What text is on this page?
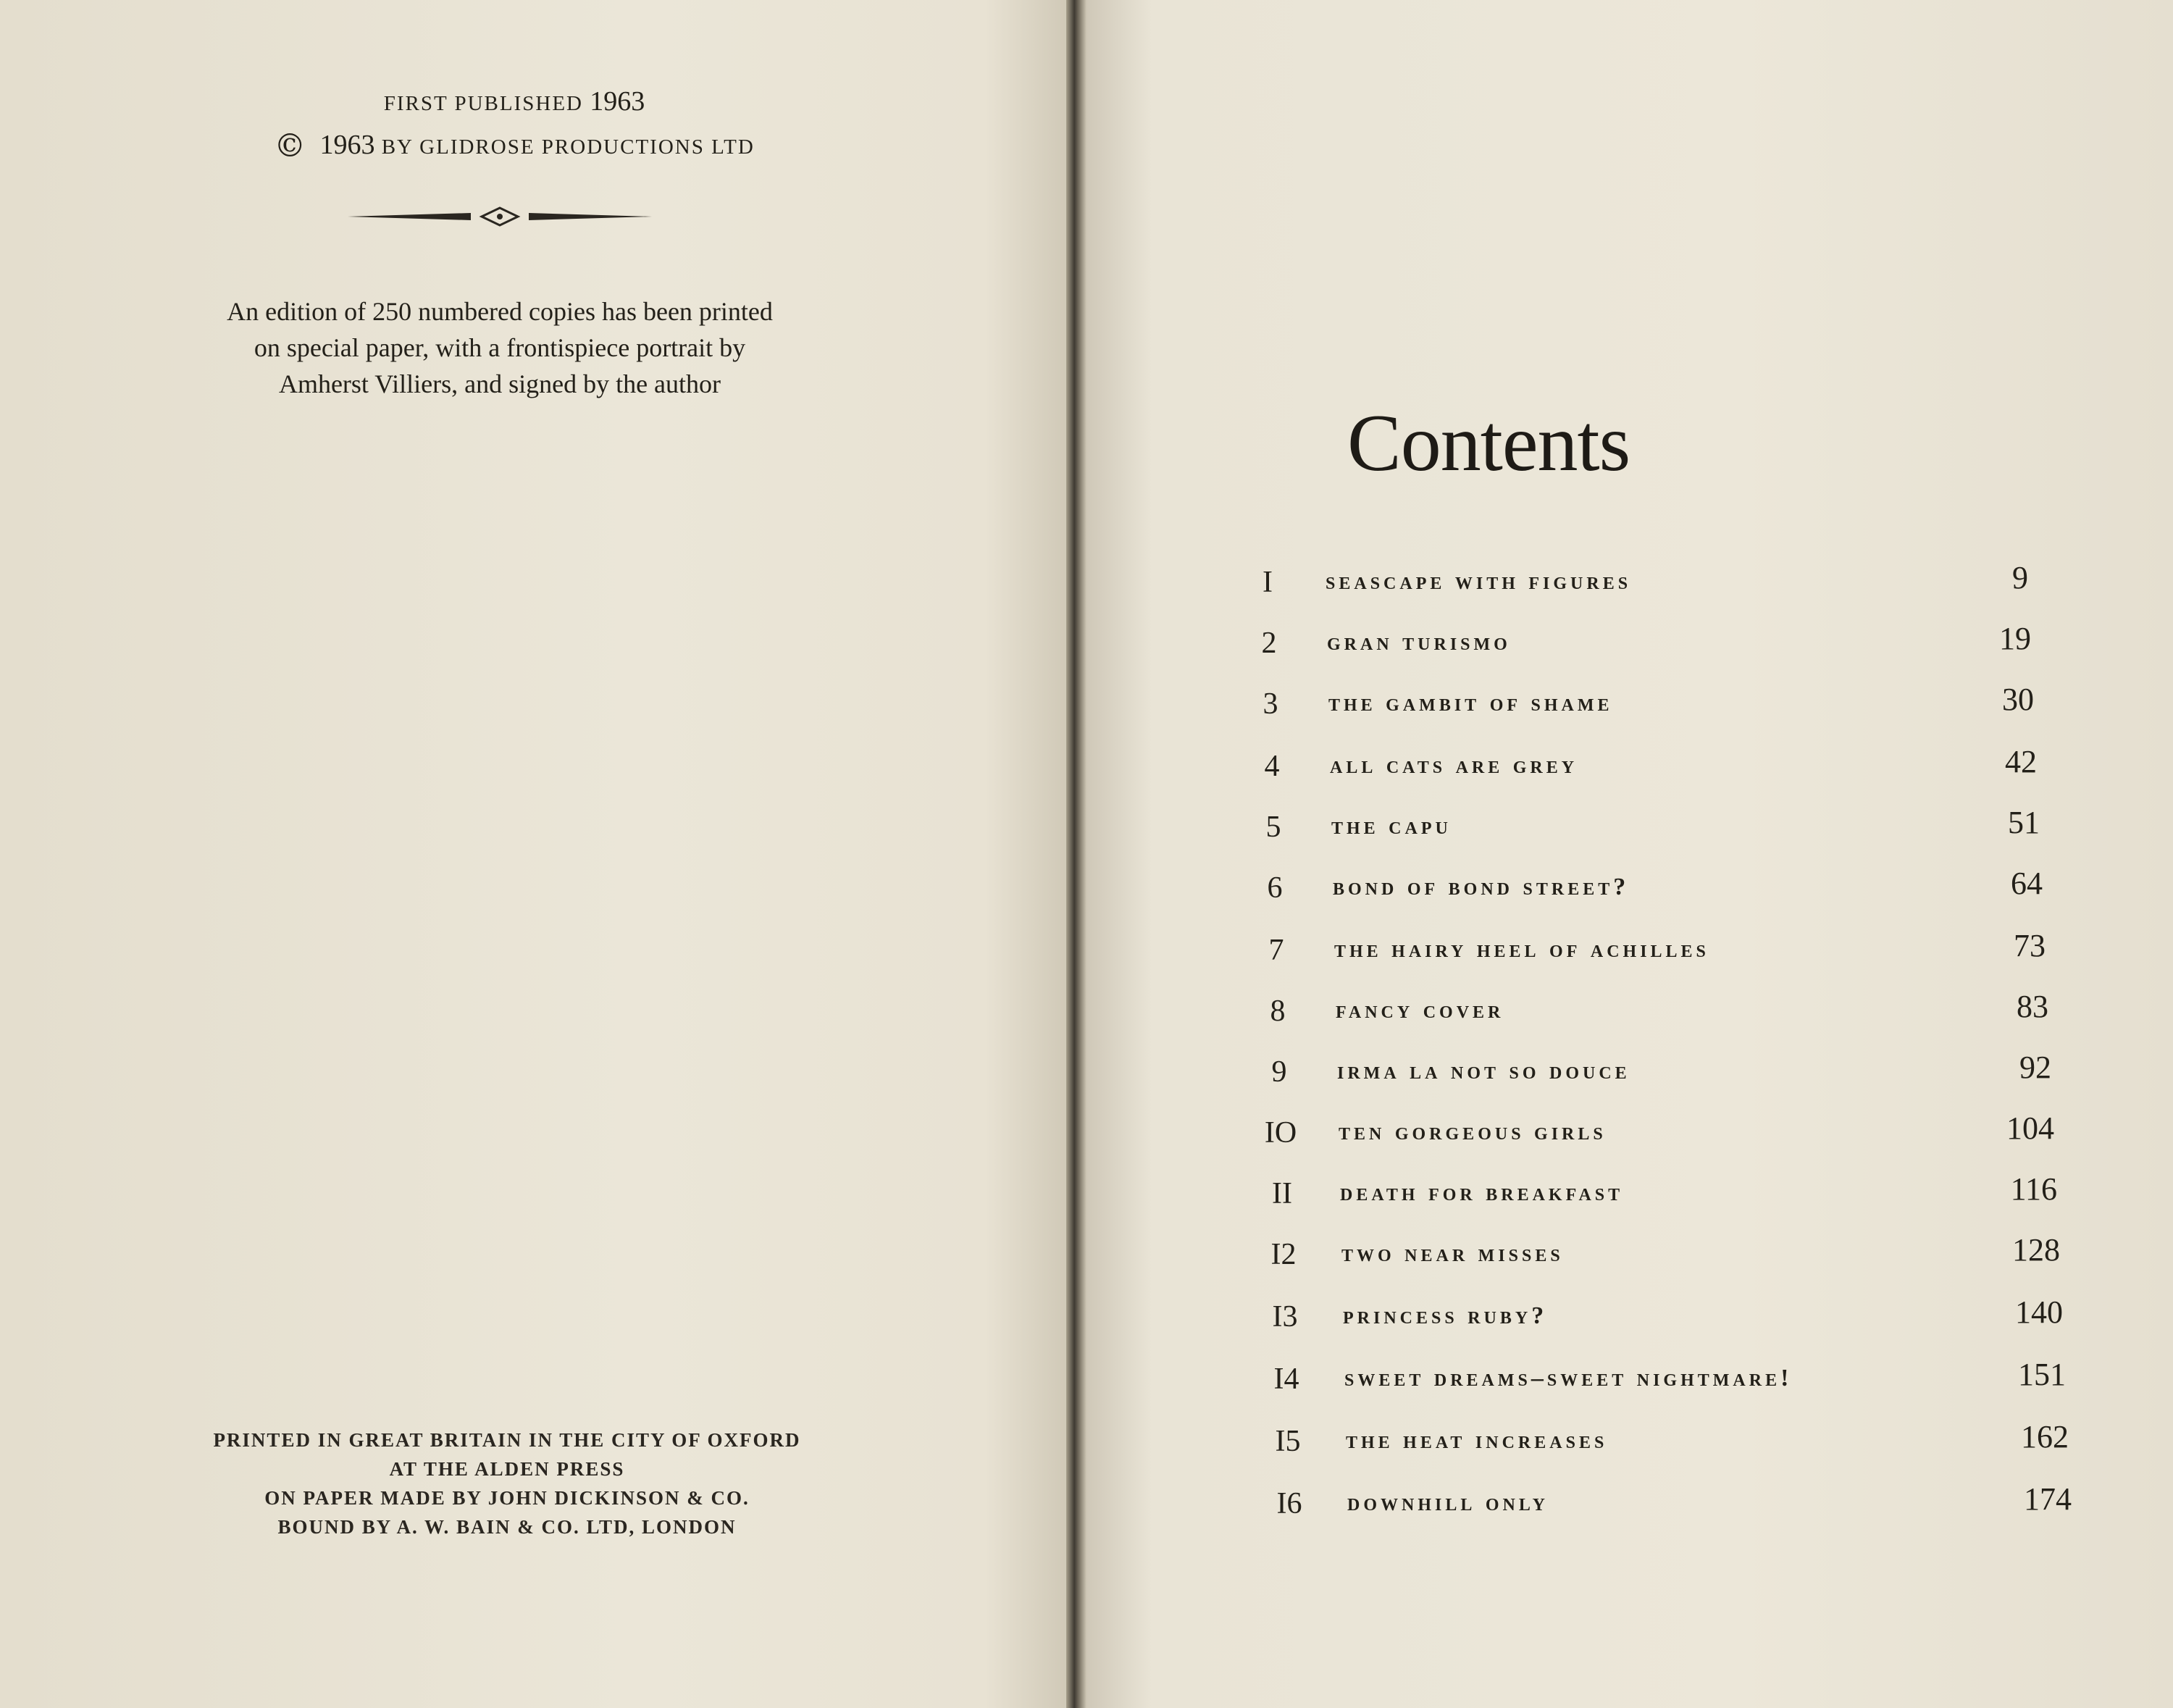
FIRST PUBLISHED 1963
© 1963 BY GLIDROSE PRODUCTIONS LTD
An edition of 250 numbered copies has been printed
on special paper, with a frontispiece portrait by
Amherst Villiers, and signed by the author
PRINTED IN GREAT BRITAIN IN THE CITY OF OXFORD
AT THE ALDEN PRESS
ON PAPER MADE BY JOHN DICKINSON & CO.
BOUND BY A. W. BAIN & CO. LTD, LONDON
Contents
I	seascape with figures	9
2	gran turismo	19
3	the gambit of shame	30
4	all cats are grey	42
5	the capu	51
6	bond of bond street?	64
7	the hairy heel of achilles	73
8	fancy cover	83
9	irma la not so douce	92
IO	ten gorgeous girls	104
II	death for breakfast	116
I2	two near misses	128
I3	princess ruby?	140
I4	sweet dreams–sweet nightmare!	151
I5	the heat increases	162
I6	downhill only	174
